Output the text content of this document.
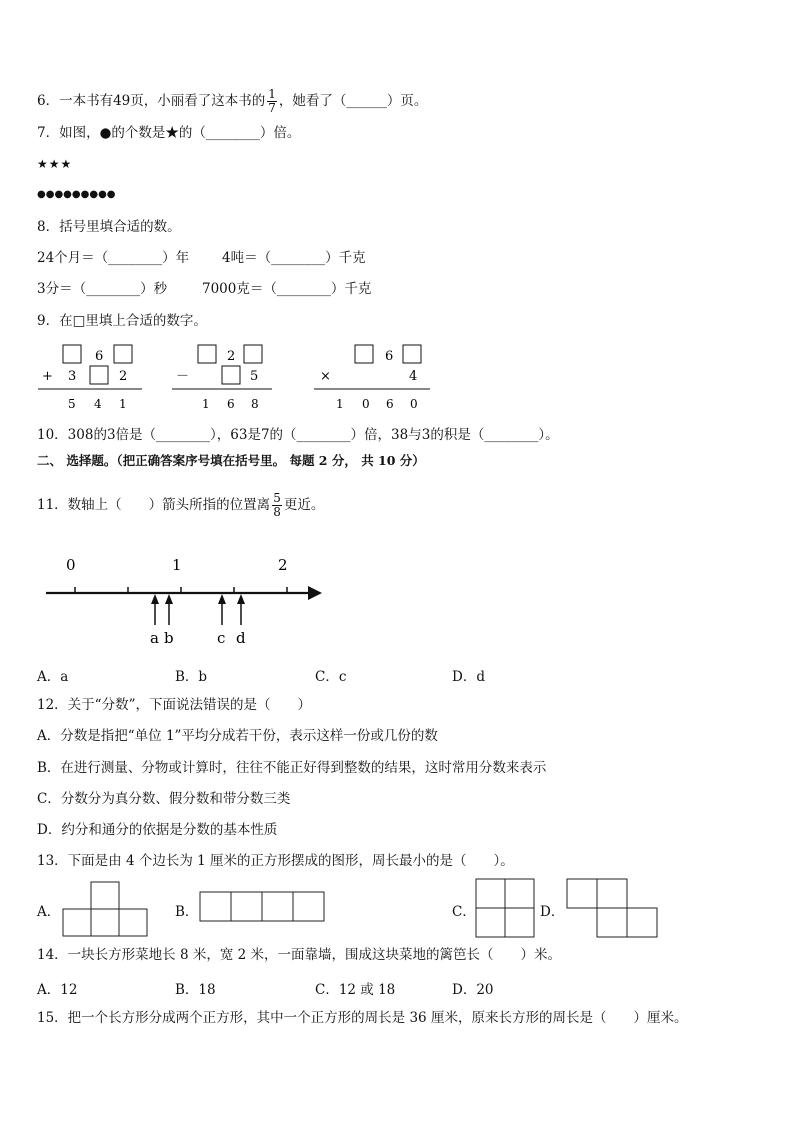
6．一本书有49页，小丽看了这本书的 $\frac{1}{7}$ ，她看了（______）页。
7．如图，●的个数是★的（________）倍。
★★★
●●●●●●●●●
8．括号里填合适的数。
24个月＝（________）年 4吨＝（________）千克
3分＝（________）秒	7000克＝（________）千克
9．在□里填上合适的数字。
6
+ 3	2
5 4 1
2
－	5
1 6 8
6
×	4
1 0 6 0
10．308的3倍是（________），63是7的（________）倍，38与3的积是（________）。
二、 选择题。（把正确答案序号填在括号里。 每题 2 分， 共 10 分）
11．数轴上（　　）箭头所指的位置离 $\frac{5}{8}$ 更近。
0	1	2
a b	c d
A．a	B．b	C．c	D．d
12．关于“分数”，下面说法错误的是（　　）
A．分数是指把“单位 1”平均分成若干份，表示这样一份或几份的数
B．在进行测量、分物或计算时，往往不能正好得到整数的结果，这时常用分数来表示
C．分数分为真分数、假分数和带分数三类
D．约分和通分的依据是分数的基本性质
13．下面是由 4 个边长为 1 厘米的正方形摆成的图形，周长最小的是（　　）。
A．	B．	C．	D．
14．一块长方形菜地长 8 米，宽 2 米，一面靠墙，围成这块菜地的篱笆长（　　）米。
A．12	B．18	C．12 或 18	D．20
15．把一个长方形分成两个正方形，其中一个正方形的周长是 36 厘米，原来长方形的周长是（　　）厘米。
